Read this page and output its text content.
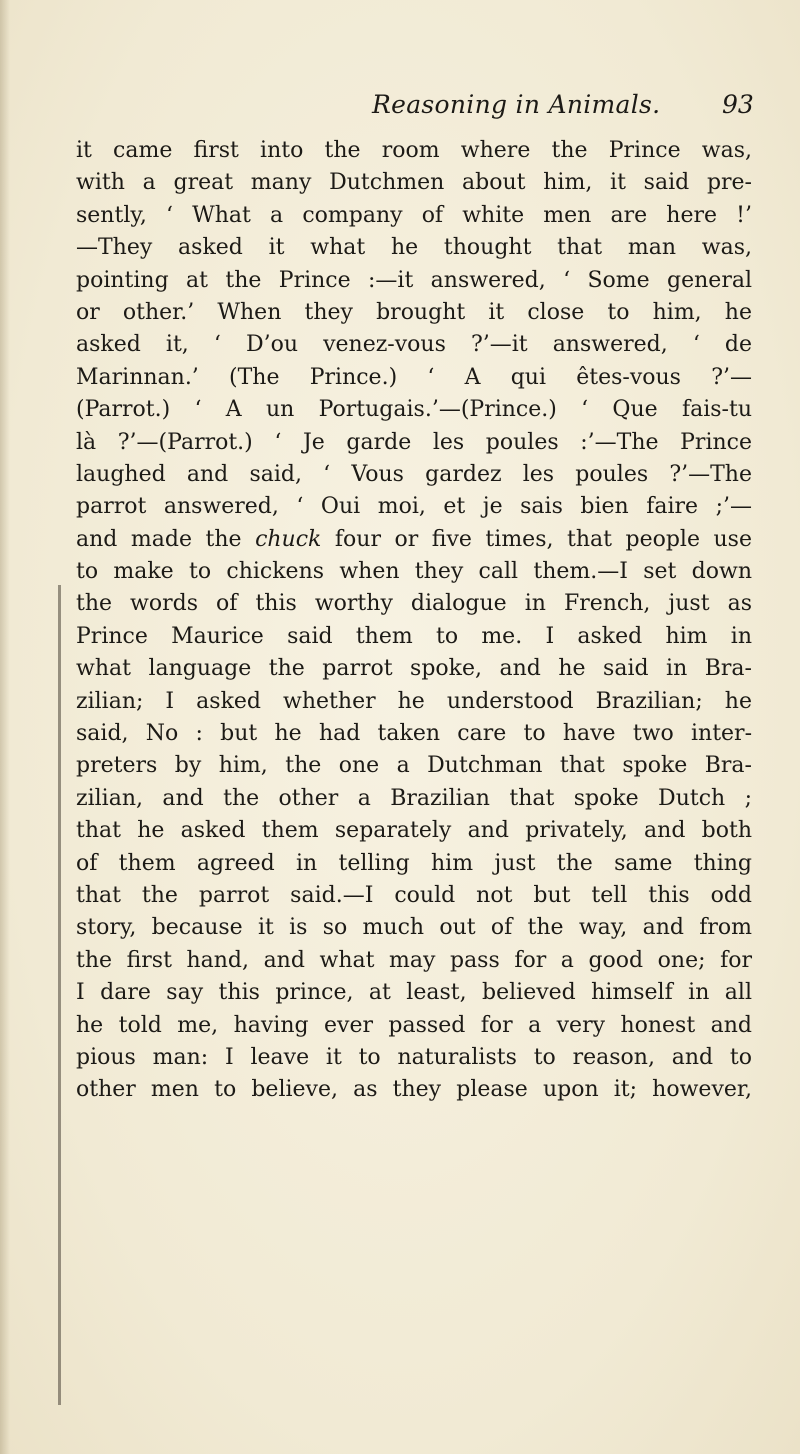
Reasoning in Animals. 93
it came first into the room where the Prince was,
with a great many Dutchmen about him, it said pre-
sently, ‘ What a company of white men are here !’
—They asked it what he thought that man was,
pointing at the Prince :—it answered, ‘ Some general
or other.’ When they brought it close to him, he
asked it, ‘ D’ou venez-vous ?’—it answered, ‘ de
Marinnan.’ (The Prince.) ‘ A qui êtes-vous ?’—
(Parrot.) ‘ A un Portugais.’—(Prince.) ‘ Que fais-tu
là ?’—(Parrot.) ‘ Je garde les poules :’—The Prince
laughed and said, ‘ Vous gardez les poules ?’—The
parrot answered, ‘ Oui moi, et je sais bien faire ;’—
and made the chuck four or five times, that people use
to make to chickens when they call them.—I set down
the words of this worthy dialogue in French, just as
Prince Maurice said them to me. I asked him in
what language the parrot spoke, and he said in Bra-
zilian; I asked whether he understood Brazilian; he
said, No : but he had taken care to have two inter-
preters by him, the one a Dutchman that spoke Bra-
zilian, and the other a Brazilian that spoke Dutch ;
that he asked them separately and privately, and both
of them agreed in telling him just the same thing
that the parrot said.—I could not but tell this odd
story, because it is so much out of the way, and from
the first hand, and what may pass for a good one; for
I dare say this prince, at least, believed himself in all
he told me, having ever passed for a very honest and
pious man: I leave it to naturalists to reason, and to
other men to believe, as they please upon it; however,
